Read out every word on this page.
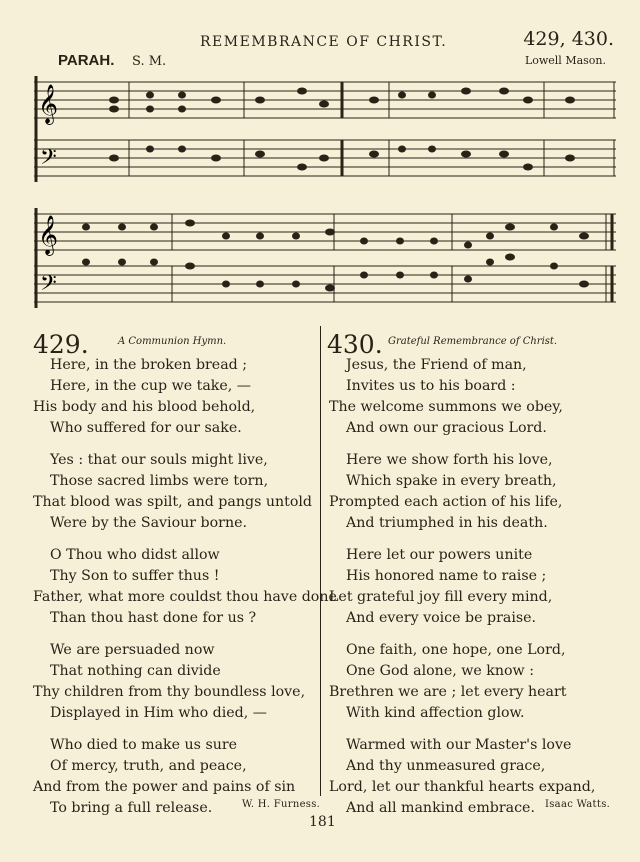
REMEMBRANCE OF CHRIST.	429, 430.
PARAH. S. M.	Lowell Mason.
𝄞
𝄢
𝄞
𝄢
429.	A Communion Hymn.	430. Grateful Remembrance of Christ.
Here, in the broken bread ;
Here, in the cup we take, —
His body and his blood behold,
Who suffered for our sake.
Yes : that our souls might live,
Those sacred limbs were torn,
That blood was spilt, and pangs untold
Were by the Saviour borne.
O Thou who didst allow
Thy Son to suffer thus !
Father, what more couldst thou have done
Than thou hast done for us ?
We are persuaded now
That nothing can divide
Thy children from thy boundless love,
Displayed in Him who died, —
Who died to make us sure
Of mercy, truth, and peace,
And from the power and pains of sin
To bring a full release.
Jesus, the Friend of man,
Invites us to his board :
The welcome summons we obey,
And own our gracious Lord.
Here we show forth his love,
Which spake in every breath,
Prompted each action of his life,
And triumphed in his death.
Here let our powers unite
His honored name to raise ;
Let grateful joy fill every mind,
And every voice be praise.
One faith, one hope, one Lord,
One God alone, we know :
Brethren we are ; let every heart
With kind affection glow.
Warmed with our Master's love
And thy unmeasured grace,
Lord, let our thankful hearts expand,
And all mankind embrace.
W. H. Furness.	Isaac Watts.
181
